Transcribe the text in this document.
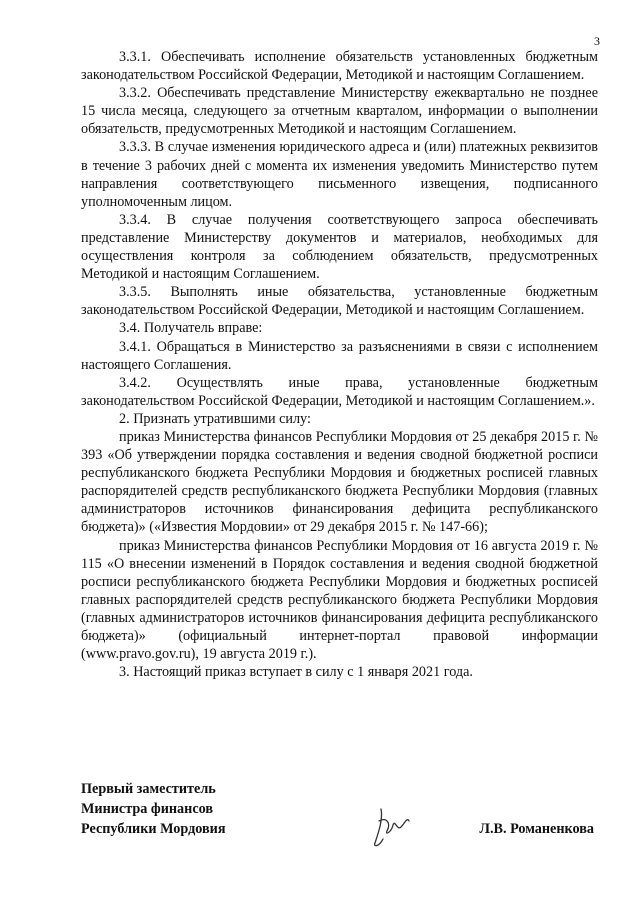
3

3.3.1. Обеспечивать исполнение обязательств установленных бюджетным законодательством Российской Федерации, Методикой и настоящим Соглашением.

3.3.2. Обеспечивать представление Министерству ежеквартально не позднее 15 числа месяца, следующего за отчетным кварталом, информации о выполнении обязательств, предусмотренных Методикой и настоящим Соглашением.

3.3.3. В случае изменения юридического адреса и (или) платежных реквизитов в течение 3 рабочих дней с момента их изменения уведомить Министерство путем направления соответствующего письменного извещения, подписанного уполномоченным лицом.

3.3.4. В случае получения соответствующего запроса обеспечивать представление Министерству документов и материалов, необходимых для осуществления контроля за соблюдением обязательств, предусмотренных Методикой и настоящим Соглашением.

3.3.5. Выполнять иные обязательства, установленные бюджетным законодательством Российской Федерации, Методикой и настоящим Соглашением.

3.4. Получатель вправе:

3.4.1. Обращаться в Министерство за разъяснениями в связи с исполнением настоящего Соглашения.

3.4.2. Осуществлять иные права, установленные бюджетным законодательством Российской Федерации, Методикой и настоящим Соглашением.».

2. Признать утратившими силу:

приказ Министерства финансов Республики Мордовия от 25 декабря 2015 г. № 393 «Об утверждении порядка составления и ведения сводной бюджетной росписи республиканского бюджета Республики Мордовия и бюджетных росписей главных распорядителей средств республиканского бюджета Республики Мордовия (главных администраторов источников финансирования дефицита республиканского бюджета)» («Известия Мордовии» от 29 декабря 2015 г. № 147-66);

приказ Министерства финансов Республики Мордовия от 16 августа 2019 г. № 115 «О внесении изменений в Порядок составления и ведения сводной бюджетной росписи республиканского бюджета Республики Мордовия и бюджетных росписей главных распорядителей средств республиканского бюджета Республики Мордовия (главных администраторов источников финансирования дефицита республиканского бюджета)» (официальный интернет-портал правовой информации (www.pravo.gov.ru), 19 августа 2019 г.).

3. Настоящий приказ вступает в силу с 1 января 2021 года.

Первый заместитель
Министра финансов
Республики Мордовия	Л.В. Романенкова
